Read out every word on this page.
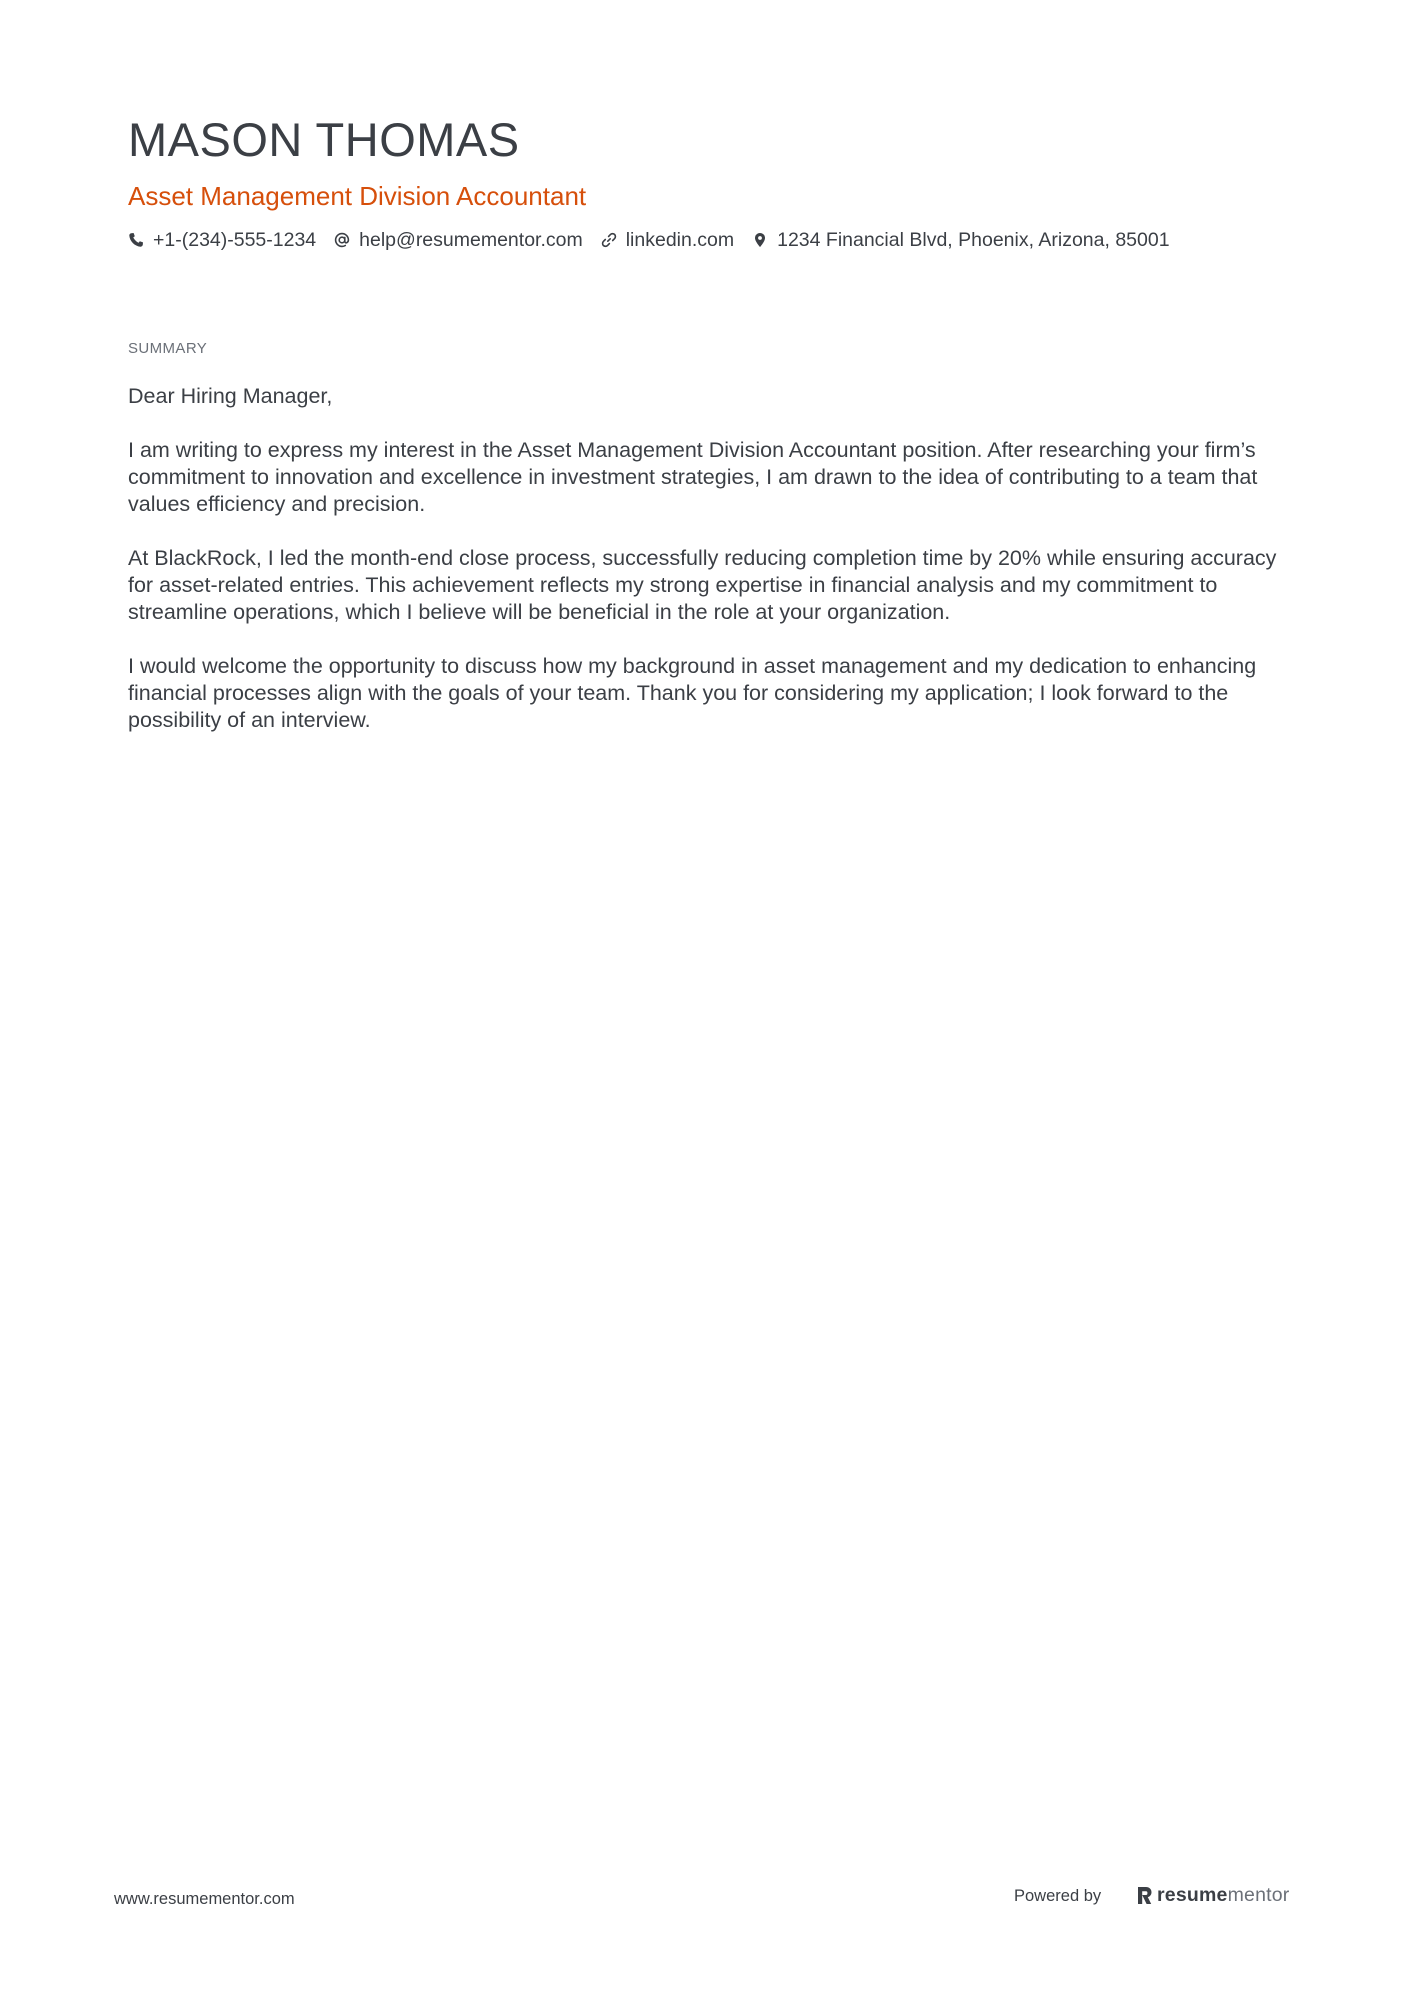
MASON THOMAS
Asset Management Division Accountant
+1-(234)-555-1234 help@resumementor.com linkedin.com 1234 Financial Blvd, Phoenix, Arizona, 85001
SUMMARY

Dear Hiring Manager,

I am writing to express my interest in the Asset Management Division Accountant position. After researching your firm’s commitment to innovation and excellence in investment strategies, I am drawn to the idea of contributing to a team that values efficiency and precision.

At BlackRock, I led the month-end close process, successfully reducing completion time by 20% while ensuring accuracy for asset-related entries. This achievement reflects my strong expertise in financial analysis and my commitment to streamline operations, which I believe will be beneficial in the role at your organization.

I would welcome the opportunity to discuss how my background in asset management and my dedication to enhancing financial processes align with the goals of your team. Thank you for considering my application; I look forward to the possibility of an interview.

www.resumementor.com	Powered by	resumementor
